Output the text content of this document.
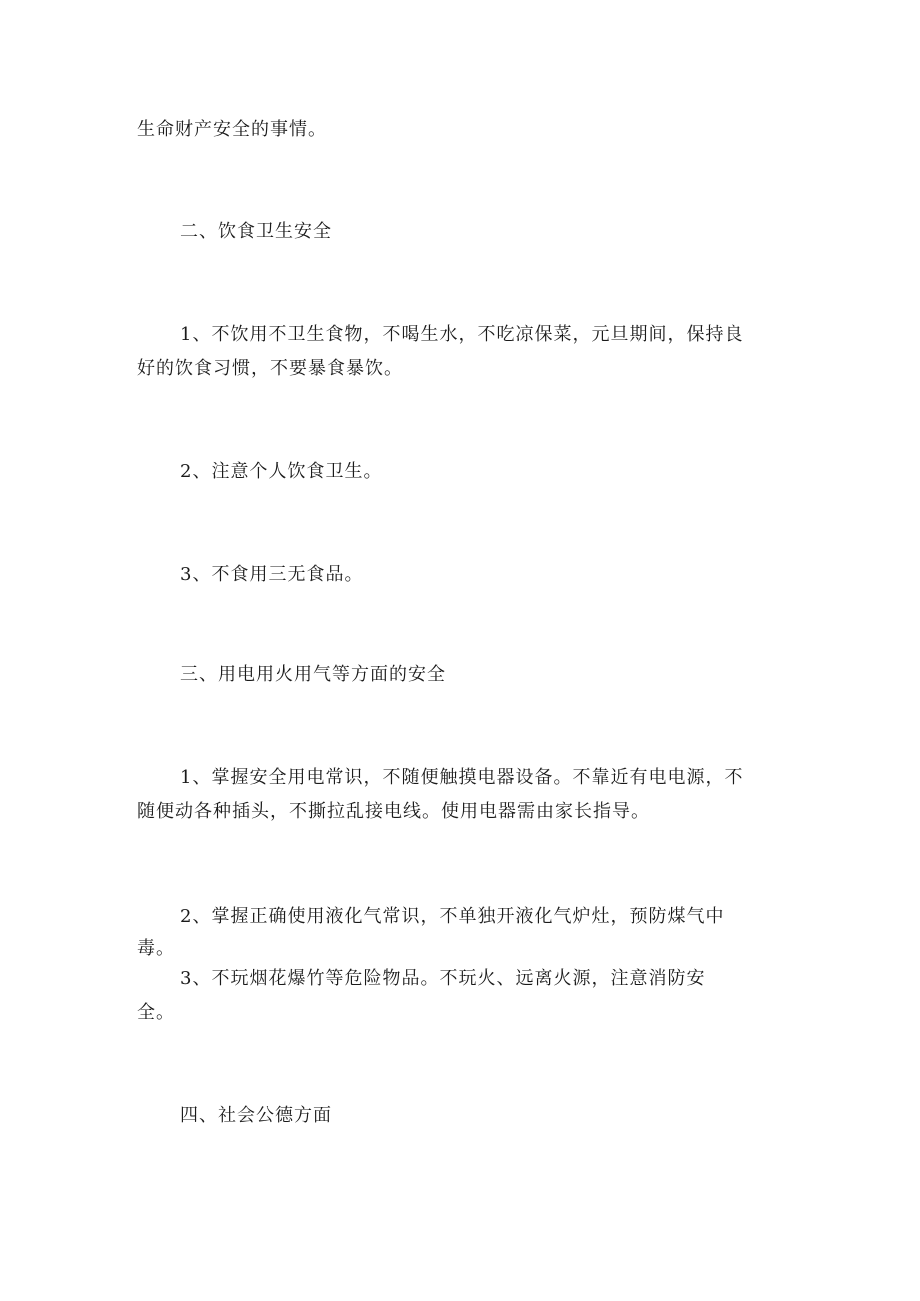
生命财产安全的事情。
二、饮食卫生安全
1、不饮用不卫生食物，不喝生水，不吃凉保菜，元旦期间，保持良
好的饮食习惯，不要暴食暴饮。
2、注意个人饮食卫生。
3、不食用三无食品。
三、用电用火用气等方面的安全
1、掌握安全用电常识，不随便触摸电器设备。不靠近有电电源，不
随便动各种插头，不撕拉乱接电线。使用电器需由家长指导。
2、掌握正确使用液化气常识，不单独开液化气炉灶，预防煤气中
毒。
3、不玩烟花爆竹等危险物品。不玩火、远离火源，注意消防安
全。
四、社会公德方面
